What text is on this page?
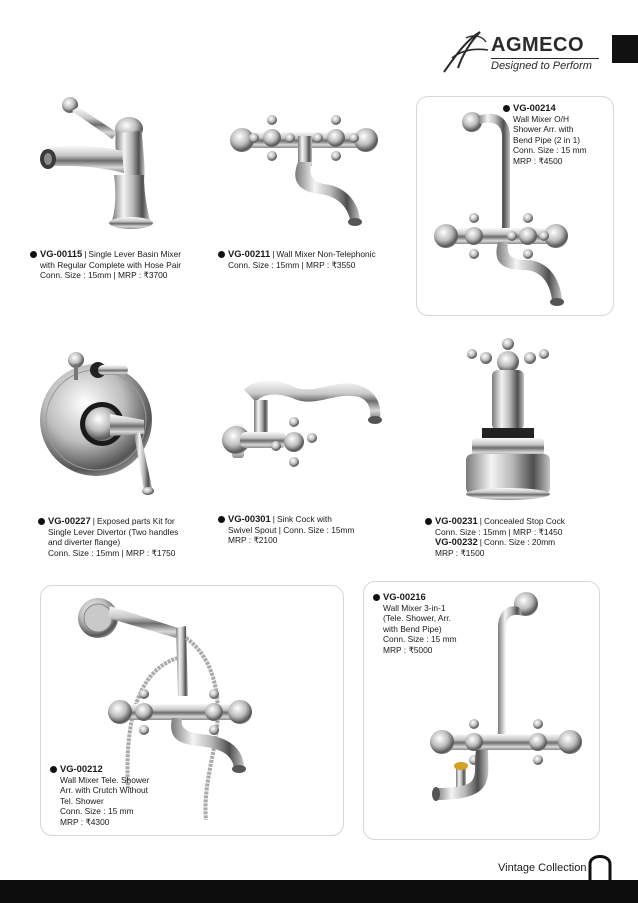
AGMECO
Designed to Perform
VG-00115 | Single Lever Basin Mixer
with Regular Complete with Hose Pair
Conn. Size : 15mm | MRP : ₹3700
VG-00211 | Wall Mixer Non-Telephonic
Conn. Size : 15mm | MRP : ₹3550
VG-00214
Wall Mixer O/H
Shower Arr. with
Bend Pipe (2 in 1)
Conn. Size : 15 mm
MRP : ₹4500
VG-00227 | Exposed parts Kit for
Single Lever Divertor (Two handles
and diverter flange)
Conn. Size : 15mm | MRP : ₹1750
VG-00301 | Sink Cock with
Swivel Spout | Conn. Size : 15mm
MRP : ₹2100
VG-00231 | Concealed Stop Cock
Conn. Size : 15mm | MRP : ₹1450
VG-00232 | Conn. Size : 20mm
MRP : ₹1500
VG-00216
Wall Mixer 3-in-1
(Tele. Shower, Arr.
with Bend Pipe)
Conn. Size : 15 mm
MRP : ₹5000
VG-00212
Wall Mixer Tele. Shower
Arr. with Crutch Without
Tel. Shower
Conn. Size : 15 mm
MRP : ₹4300
Vintage Collection
